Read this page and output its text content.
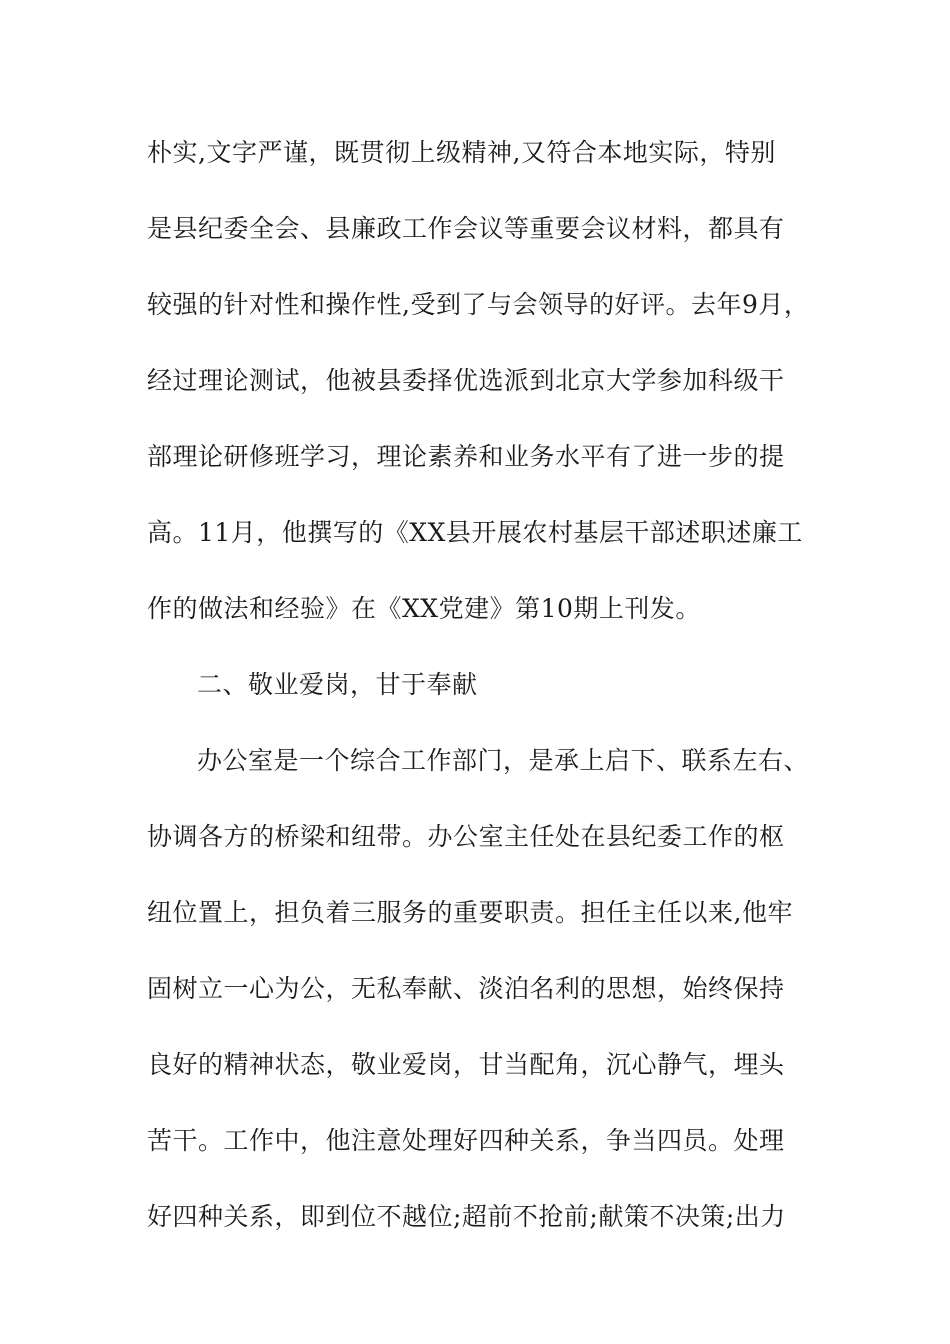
朴实,文字严谨，既贯彻上级精神,又符合本地实际，特别
是县纪委全会、县廉政工作会议等重要会议材料，都具有
较强的针对性和操作性,受到了与会领导的好评。去年9月，
经过理论测试，他被县委择优选派到北京大学参加科级干
部理论研修班学习，理论素养和业务水平有了进一步的提
高。11月，他撰写的《XX县开展农村基层干部述职述廉工
作的做法和经验》在《XX党建》第10期上刊发。
二、敬业爱岗，甘于奉献
办公室是一个综合工作部门，是承上启下、联系左右、
协调各方的桥梁和纽带。办公室主任处在县纪委工作的枢
纽位置上，担负着三服务的重要职责。担任主任以来,他牢
固树立一心为公，无私奉献、淡泊名利的思想，始终保持
良好的精神状态，敬业爱岗，甘当配角，沉心静气，埋头
苦干。工作中，他注意处理好四种关系，争当四员。处理
好四种关系，即到位不越位;超前不抢前;献策不决策;出力
